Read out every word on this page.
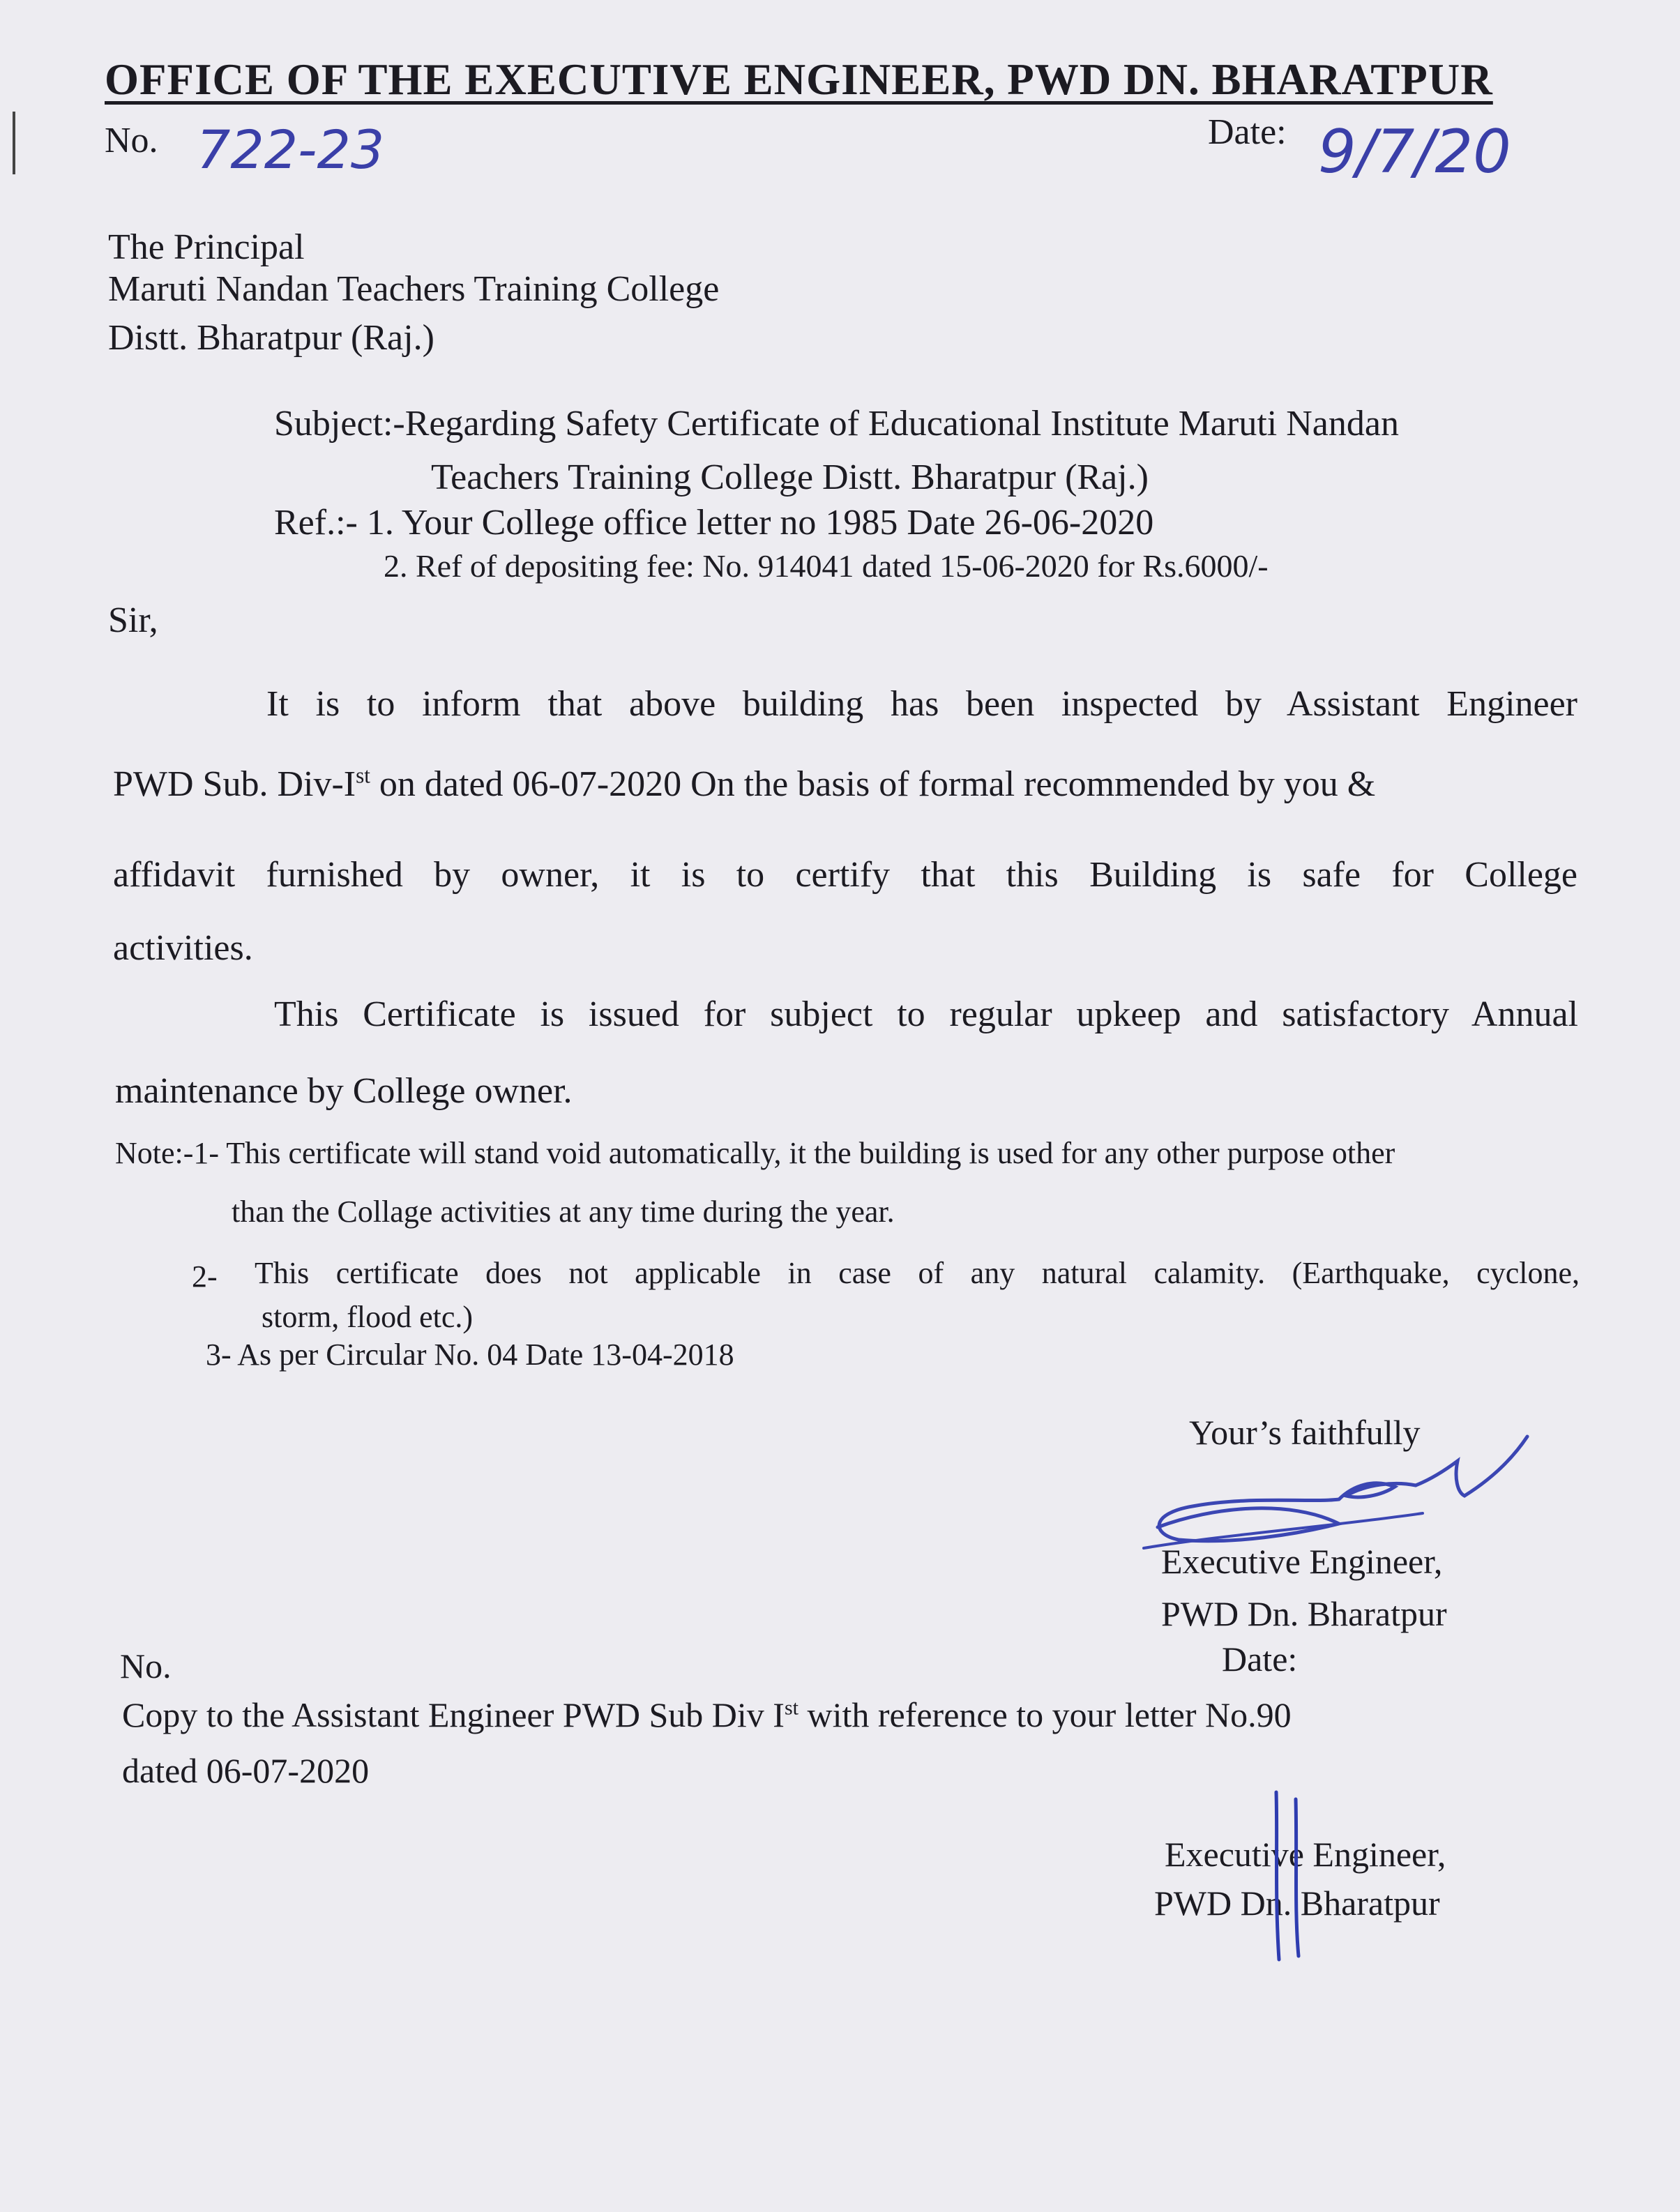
OFFICE OF THE EXECUTIVE ENGINEER, PWD DN. BHARATPUR
No. 722-23	Date: 9/7/20
The Principal
Maruti Nandan Teachers Training College
Distt. Bharatpur (Raj.)
Subject:-Regarding Safety Certificate of Educational Institute Maruti Nandan
Teachers Training College Distt. Bharatpur (Raj.)
Ref.:- 1. Your College office letter no 1985 Date 26-06-2020
2. Ref of depositing fee: No. 914041 dated 15-06-2020 for Rs.6000/-
Sir,
It is to inform that above building has been inspected by Assistant Engineer
PWD Sub. Div-Ist on dated 06-07-2020 On the basis of formal recommended by you &
affidavit furnished by owner, it is to certify that this Building is safe for College
activities.
This Certificate is issued for subject to regular upkeep and satisfactory Annual
maintenance by College owner.
Note:-1- This certificate will stand void automatically, it the building is used for any other purpose other
than the Collage activities at any time during the year.
2- This certificate does not applicable in case of any natural calamity. (Earthquake, cyclone,
storm, flood etc.)
3- As per Circular No. 04 Date 13-04-2018
Your’s faithfully
Executive Engineer,
PWD Dn. Bharatpur
Date:
No.
Copy to the Assistant Engineer PWD Sub Div Ist with reference to your letter No.90
dated 06-07-2020
Executive Engineer,
PWD Dn. Bharatpur
